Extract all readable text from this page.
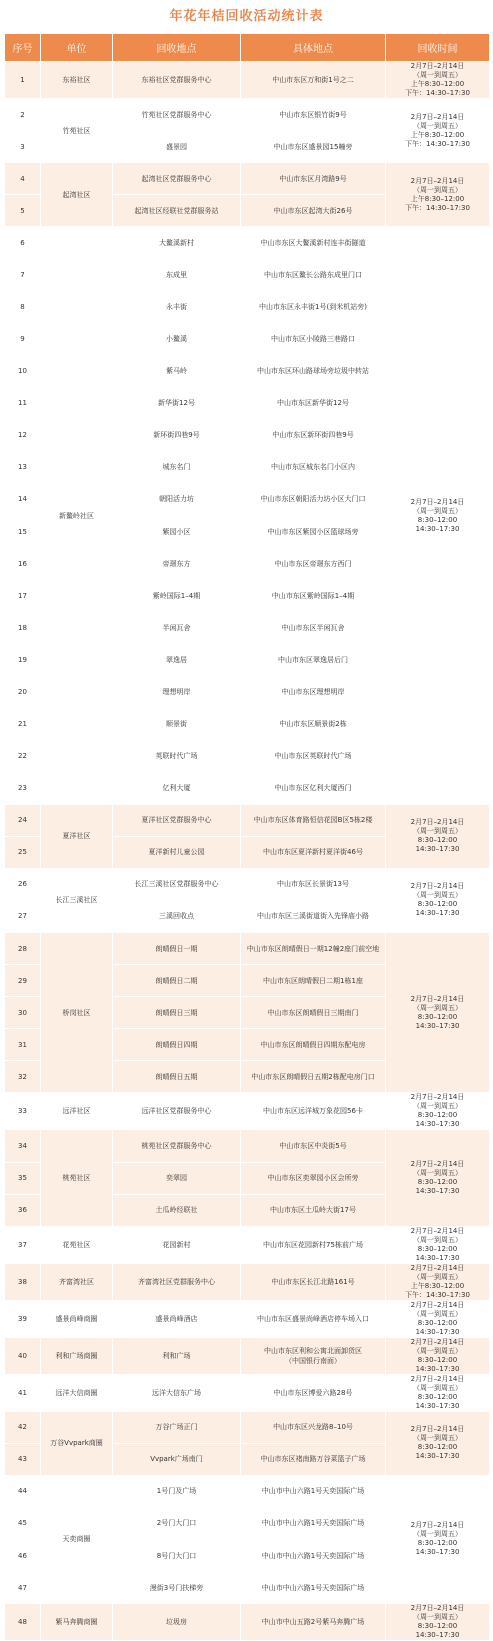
年花年桔回收活动统计表
序号	单位	回收地点	具体地点	回收时间
1	东裕社区	东裕社区党群服务中心	中山市东区万和街1号之二	2月7日–2月14日
（周一到周五）
上午8:30–12:00
下午：14:30–17:30
2	竹苑社区	竹苑社区党群服务中心	中山市东区银竹街9号	2月7日–2月14日
（周一到周五）
上午8:30–12:00
下午：14:30–17:30
3		盛景园	中山市东区盛景园15幢旁	
4	起湾社区	起湾社区党群服务中心	中山市东区月湾路9号	2月7日–2月14日
（周一到周五）
上午8:30–12:00
下午：14:30–17:30
5		起湾社区经联社党群服务站	中山市东区起湾大街26号	
6	新鳌岭社区	大鳌溪新村	中山市东区大鳌溪新村连丰街隧道	2月7日–2月14日
（周一到周五）
8:30–12:00
14:30–17:30
7		东成里	中山市东区鳌长公路东成里门口	
8		永丰街	中山市东区永丰街1号(到米机站旁)	
9		小鳌溪	中山市东区小陵路三巷路口	
10		紫马岭	中山市东区环山路球场旁垃圾中转站	
11		新华街12号	中山市东区新华街12号	
12		新环街四巷9号	中山市东区新环街四巷9号	
13		城东名门	中山市东区城东名门小区内	
14		朝阳活力坊	中山市东区朝阳活力坊小区大门口	
15		紫园小区	中山市东区紫园小区篮球场旁	
16		帝璟东方	中山市东区帝璟东方西门	
17		紫岭国际1–4期	中山市东区紫岭国际1–4期	
18		半闲瓦舍	中山市东区半闲瓦舍	
19		翠逸居	中山市东区翠逸居后门	
20		理想明岸	中山市东区理想明岸	
21		顺景街	中山市东区顺景街2栋	
22		英联时代广场	中山市东区英联时代广场	
23		亿利大厦	中山市东区亿利大厦西门	
24	夏洋社区	夏洋社区党群服务中心	中山市东区体育路恒信花园B区5栋2楼	2月7日–2月14日
（周一到周五）
8:30–12:00
14:30–17:30
25		夏洋新村儿童公园	中山市东区夏洋新村夏洋街46号	
26	长江三溪社区	长江三溪社区党群服务中心	中山市东区长景街13号	2月7日–2月14日
（周一到周五）
8:30–12:00
14:30–17:30
27		三溪回收点	中山市东区三溪街道街入先锋庙小路	
28	桥岗社区	朗晴假日一期	中山市东区朗晴假日一期12幢2座门前空地	2月7日–2月14日
（周一到周五）
8:30–12:00
14:30–17:30
29		朗晴假日二期	中山市东区朗晴假日二期1栋1座	
30		朗晴假日三期	中山市东区朗晴假日三期南门	
31		朗晴假日四期	中山市东区朗晴假日四期东配电房	
32		朗晴假日五期	中山市东区朗晴假日五期2栋配电房门口	
33	远洋社区	远洋社区党群服务中心	中山市东区远洋城万象花园56卡	2月7日–2月14日
（周一到周五）
8:30–12:00
14:30–17:30
34	桃苑社区	桃苑社区党群服务中心	中山市东区中炎街5号	2月7日–2月14日
（周一到周五）
8:30–12:00
14:30–17:30
35		奕翠园	中山市东区奕翠园小区会所旁	
36		土瓜岭经联社	中山市东区土瓜岭大街17号	
37	花苑社区	花园新村	中山市东区花园新村75栋前广场	2月7日–2月14日
（周一到周五）
8:30–12:00
14:30–17:30
38	齐富湾社区	齐富湾社区党群服务中心	中山市东区长江北路161号	2月7日–2月14日
（周一到周五）
上午8:30–12:00
下午：14:30–17:30
39	盛景尚峰商圈	盛景尚峰酒店	中山市东区盛景尚峰酒店停车场入口	2月7日–2月14日
（周一到周五）
8:30–12:00
14:30–17:30
40	利和广场商圈	利和广场	中山市东区利和公寓北面卸货区
（中国银行南面）	2月7日–2月14日
（周一到周五）
8:30–12:00
14:30–17:30
41	远洋大信商圈	远洋大信东广场	中山市东区博爱六路28号	2月7日–2月14日
（周一到周五）
8:30–12:00
14:30–17:30
42	万谷Vvpark商圈	万谷广场正门	中山市东区兴龙路8–10号	2月7日–2月14日
（周一到周五）
8:30–12:00
14:30–17:30
43		Vvpark广场南门	中山市东区褚南路万谷菜篮子广场	
44	天奕商圈	1号门及广场	中山市中山六路1号天奕国际广场	2月7日–2月14日
（周一到周五）
8:30–12:00
14:30–17:30
45		2号门大门口	中山市中山六路1号天奕国际广场	
46		8号门大门口	中山市中山六路1号天奕国际广场	
47		漫街3号门扶梯旁	中山市中山六路1号天奕国际广场	
48	紫马奔腾商圈	垃圾房	中山市中山五路2号紫马奔腾广场	2月7日–2月14日
（周一到周五）
8:30–12:00
14:30–17:30
